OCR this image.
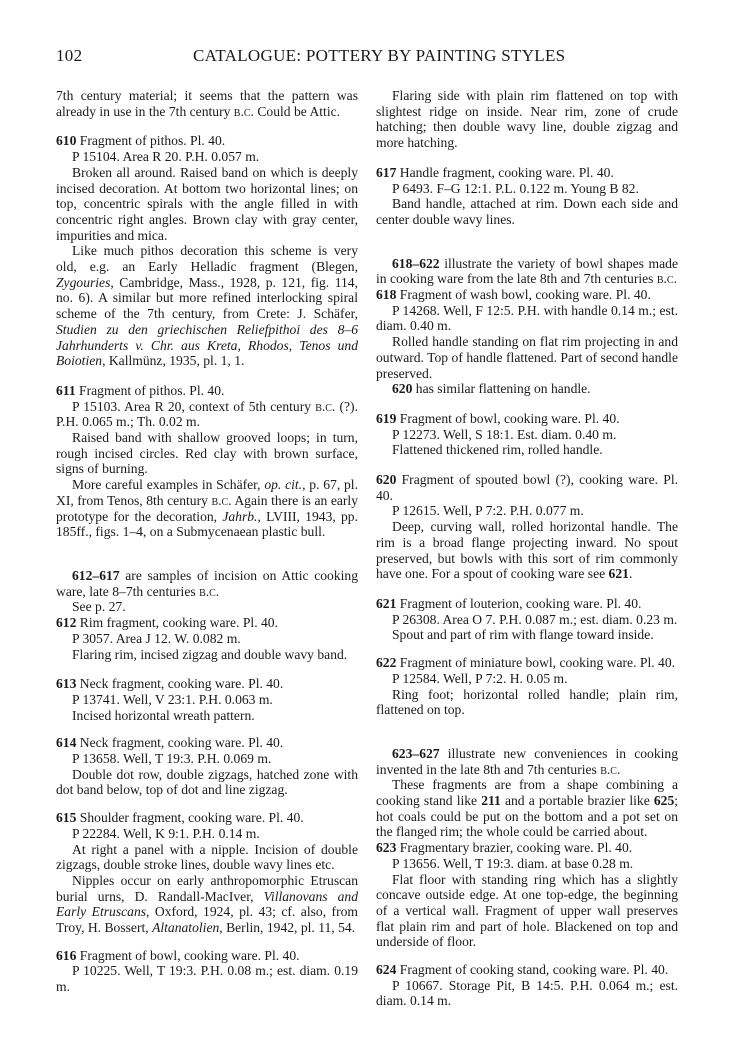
102	CATALOGUE: POTTERY BY PAINTING STYLES

7th century material; it seems that the pattern was already in use in the 7th century b.c. Could be Attic.

610 Fragment of pithos. Pl. 40.

P 15104. Area R 20. P.H. 0.057 m.

Broken all around. Raised band on which is deeply incised decoration. At bottom two horizontal lines; on top, concentric spirals with the angle filled in with concentric right angles. Brown clay with gray center, impurities and mica.

Like much pithos decoration this scheme is very old, e.g. an Early Helladic fragment (Blegen, Zygouries, Cambridge, Mass., 1928, p. 121, fig. 114, no. 6). A similar but more refined interlocking spiral scheme of the 7th century, from Crete: J. Schäfer, Studien zu den griechischen Reliefpithoi des 8–6 Jahrhunderts v. Chr. aus Kreta, Rhodos, Tenos und Boiotien, Kallmünz, 1935, pl. 1, 1.

611 Fragment of pithos. Pl. 40.

P 15103. Area R 20, context of 5th century b.c. (?). P.H. 0.065 m.; Th. 0.02 m.

Raised band with shallow grooved loops; in turn, rough incised circles. Red clay with brown surface, signs of burning.

More careful examples in Schäfer, op. cit., p. 67, pl. XI, from Tenos, 8th century b.c. Again there is an early prototype for the decoration, Jahrb., LVIII, 1943, pp. 185ff., figs. 1–4, on a Submycenaean plastic bull.

612–617 are samples of incision on Attic cooking ware, late 8–7th centuries b.c.

See p. 27.

612 Rim fragment, cooking ware. Pl. 40.

P 3057. Area J 12. W. 0.082 m.

Flaring rim, incised zigzag and double wavy band.

613 Neck fragment, cooking ware. Pl. 40.

P 13741. Well, V 23:1. P.H. 0.063 m.

Incised horizontal wreath pattern.

614 Neck fragment, cooking ware. Pl. 40.

P 13658. Well, T 19:3. P.H. 0.069 m.

Double dot row, double zigzags, hatched zone with dot band below, top of dot and line zigzag.

615 Shoulder fragment, cooking ware. Pl. 40.

P 22284. Well, K 9:1. P.H. 0.14 m.

At right a panel with a nipple. Incision of double zigzags, double stroke lines, double wavy lines etc.

Nipples occur on early anthropomorphic Etruscan burial urns, D. Randall-MacIver, Villanovans and Early Etruscans, Oxford, 1924, pl. 43; cf. also, from Troy, H. Bossert, Altanatolien, Berlin, 1942, pl. 11, 54.

616 Fragment of bowl, cooking ware. Pl. 40.

P 10225. Well, T 19:3. P.H. 0.08 m.; est. diam. 0.19 m.

Flaring side with plain rim flattened on top with slightest ridge on inside. Near rim, zone of crude hatching; then double wavy line, double zigzag and more hatching.

617 Handle fragment, cooking ware. Pl. 40.

P 6493. F–G 12:1. P.L. 0.122 m. Young B 82.

Band handle, attached at rim. Down each side and center double wavy lines.

618–622 illustrate the variety of bowl shapes made in cooking ware from the late 8th and 7th centuries b.c.

618 Fragment of wash bowl, cooking ware. Pl. 40.

P 14268. Well, F 12:5. P.H. with handle 0.14 m.; est. diam. 0.40 m.

Rolled handle standing on flat rim projecting in and outward. Top of handle flattened. Part of second handle preserved.

620 has similar flattening on handle.

619 Fragment of bowl, cooking ware. Pl. 40.

P 12273. Well, S 18:1. Est. diam. 0.40 m.

Flattened thickened rim, rolled handle.

620 Fragment of spouted bowl (?), cooking ware. Pl. 40.

P 12615. Well, P 7:2. P.H. 0.077 m.

Deep, curving wall, rolled horizontal handle. The rim is a broad flange projecting inward. No spout preserved, but bowls with this sort of rim commonly have one. For a spout of cooking ware see 621.

621 Fragment of louterion, cooking ware. Pl. 40.

P 26308. Area O 7. P.H. 0.087 m.; est. diam. 0.23 m.

Spout and part of rim with flange toward inside.

622 Fragment of miniature bowl, cooking ware. Pl. 40.

P 12584. Well, P 7:2. H. 0.05 m.

Ring foot; horizontal rolled handle; plain rim, flattened on top.

623–627 illustrate new conveniences in cooking invented in the late 8th and 7th centuries b.c.

These fragments are from a shape combining a cooking stand like 211 and a portable brazier like 625; hot coals could be put on the bottom and a pot set on the flanged rim; the whole could be carried about.

623 Fragmentary brazier, cooking ware. Pl. 40.

P 13656. Well, T 19:3. diam. at base 0.28 m.

Flat floor with standing ring which has a slightly concave outside edge. At one top-edge, the beginning of a vertical wall. Fragment of upper wall preserves flat plain rim and part of hole. Blackened on top and underside of floor.

624 Fragment of cooking stand, cooking ware. Pl. 40.

P 10667. Storage Pit, B 14:5. P.H. 0.064 m.; est. diam. 0.14 m.
